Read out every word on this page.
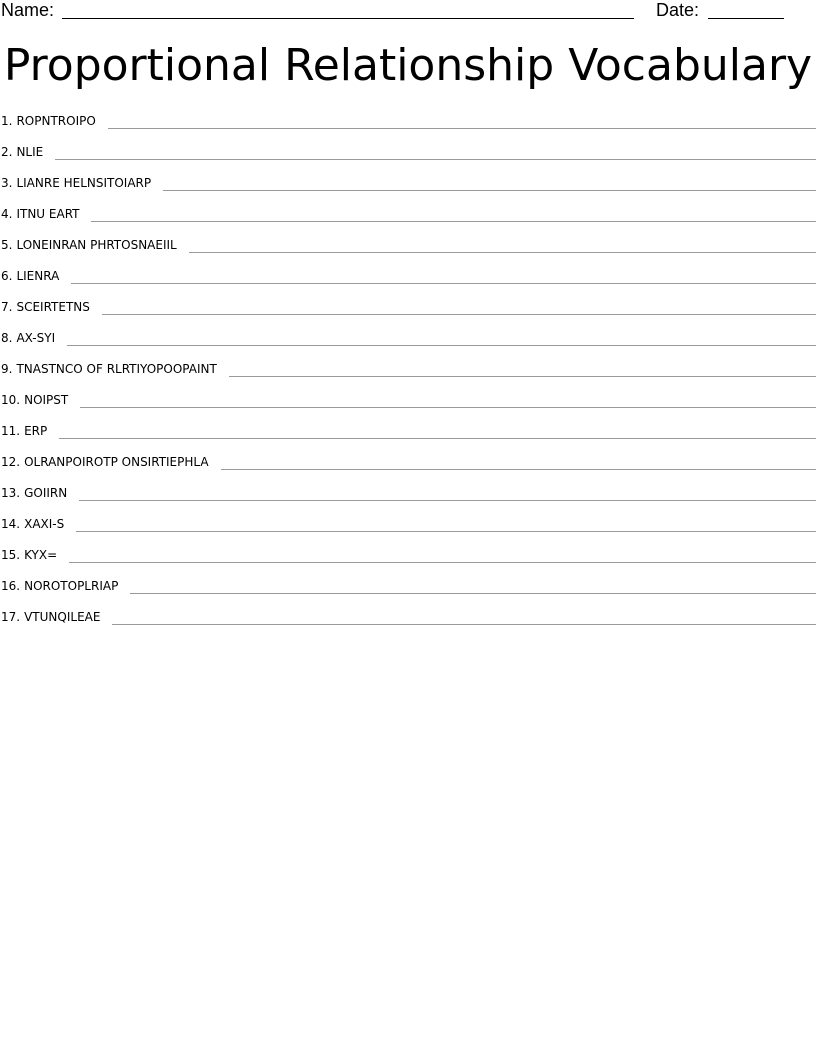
Name:	Date:
Proportional Relationship Vocabulary
1. ROPNTROIPO
2. NLIE
3. LIANRE HELNSITOIARP
4. ITNU EART
5. LONEINRAN PHRTOSNAEIIL
6. LIENRA
7. SCEIRTETNS
8. AX-SYI
9. TNASTNCO OF RLRTIYOPOOPAINT
10. NOIPST
11. ERP
12. OLRANPOIROTP ONSIRTIEPHLA
13. GOIIRN
14. XAXI-S
15. KYX=
16. NOROTOPLRIAP
17. VTUNQILEAE
